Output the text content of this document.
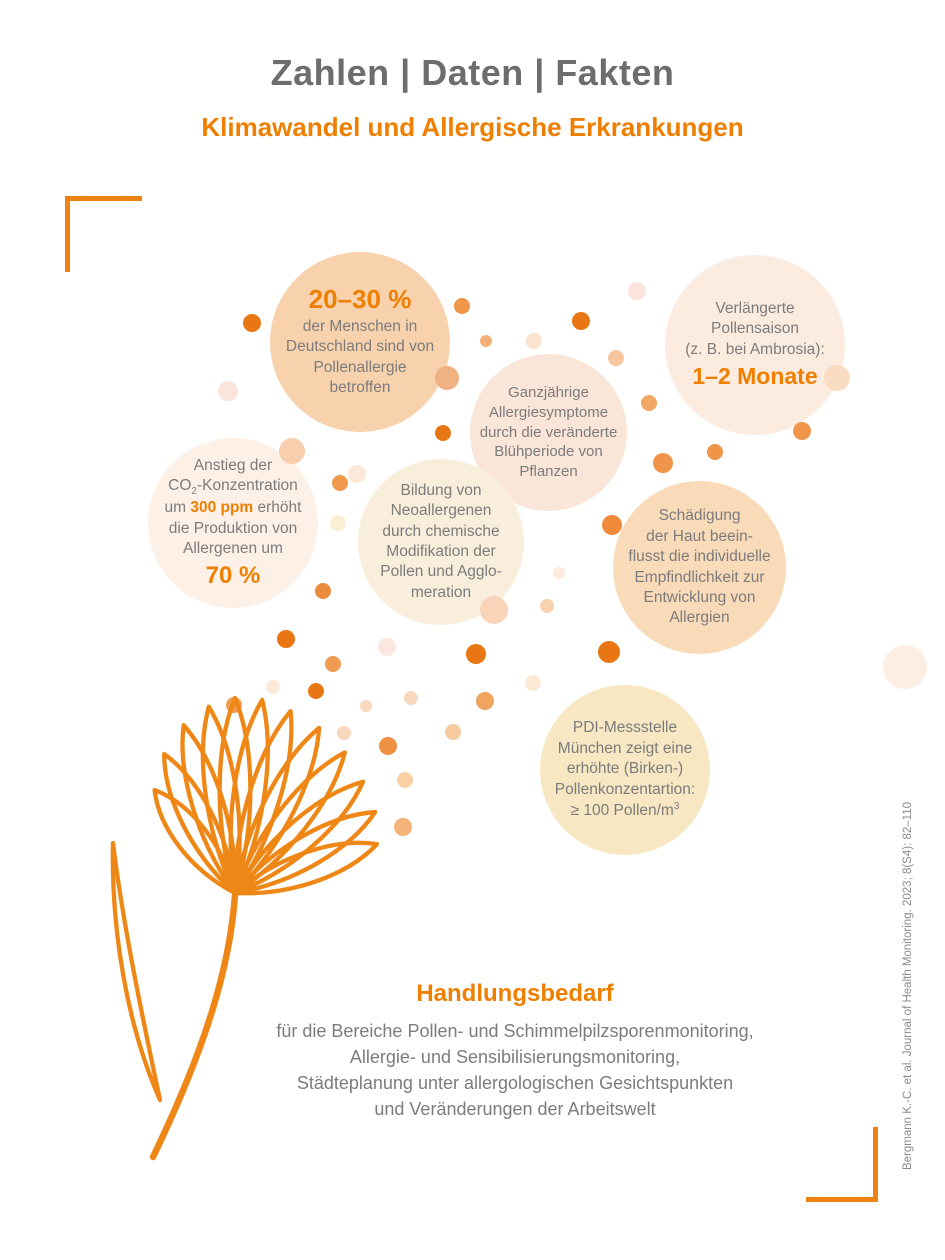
Zahlen | Daten | Fakten
Klimawandel und Allergische Erkrankungen
20–30 %
der Menschen in
Deutschland sind von
Pollenallergie
betroffen
Verlängerte
Pollensaison
(z. B. bei Ambrosia):
1–2 Monate
Ganzjährige
Allergiesymptome
durch die veränderte
Blühperiode von
Pflanzen
Anstieg der
$CO_2$-Konzentration
um 300 ppm erhöht
die Produktion von
Allergenen um
70 %
Bildung von
Neoallergenen
durch chemische
Modifikation der
Pollen und Agglo-
meration
Schädigung
der Haut beein-
flusst die individuelle
Empfindlichkeit zur
Entwicklung von
Allergien
PDI-Messstelle
München zeigt eine
erhöhte (Birken-)
Pollenkonzentartion:
≥ 100 Pollen/$m^3$
Handlungsbedarf
für die Bereiche Pollen- und Schimmelpilzsporenmonitoring,
Allergie- und Sensibilisierungsmonitoring,
Städteplanung unter allergologischen Gesichtspunkten
und Veränderungen der Arbeitswelt	Bergmann K.-C. et al. Journal of Health Monitoring. 2023; 8(S4): 82–110
